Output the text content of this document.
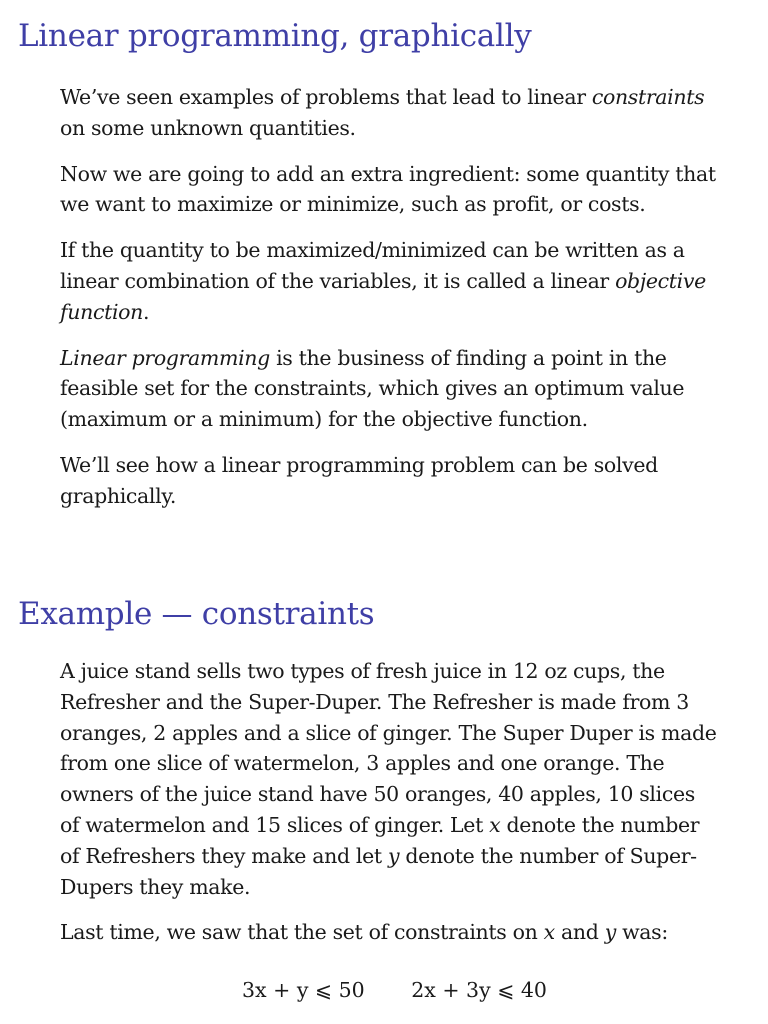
Linear programming, graphically

We’ve seen examples of problems that lead to linear constraints on some unknown quantities.

Now we are going to add an extra ingredient: some quantity that we want to maximize or minimize, such as profit, or costs.

If the quantity to be maximized/minimized can be written as a linear combination of the variables, it is called a linear objective function.

Linear programming is the business of finding a point in the feasible set for the constraints, which gives an optimum value (maximum or a minimum) for the objective function.

We’ll see how a linear programming problem can be solved graphically.

Example — constraints

A juice stand sells two types of fresh juice in 12 oz cups, the Refresher and the Super-Duper. The Refresher is made from 3 oranges, 2 apples and a slice of ginger. The Super Duper is made from one slice of watermelon, 3 apples and one orange. The owners of the juice stand have 50 oranges, 40 apples, 10 slices of watermelon and 15 slices of ginger. Let x denote the number of Refreshers they make and let y denote the number of Super-Dupers they make.

Last time, we saw that the set of constraints on x and y was:

3x + y ⩽ 50 2x + 3y ⩽ 40
